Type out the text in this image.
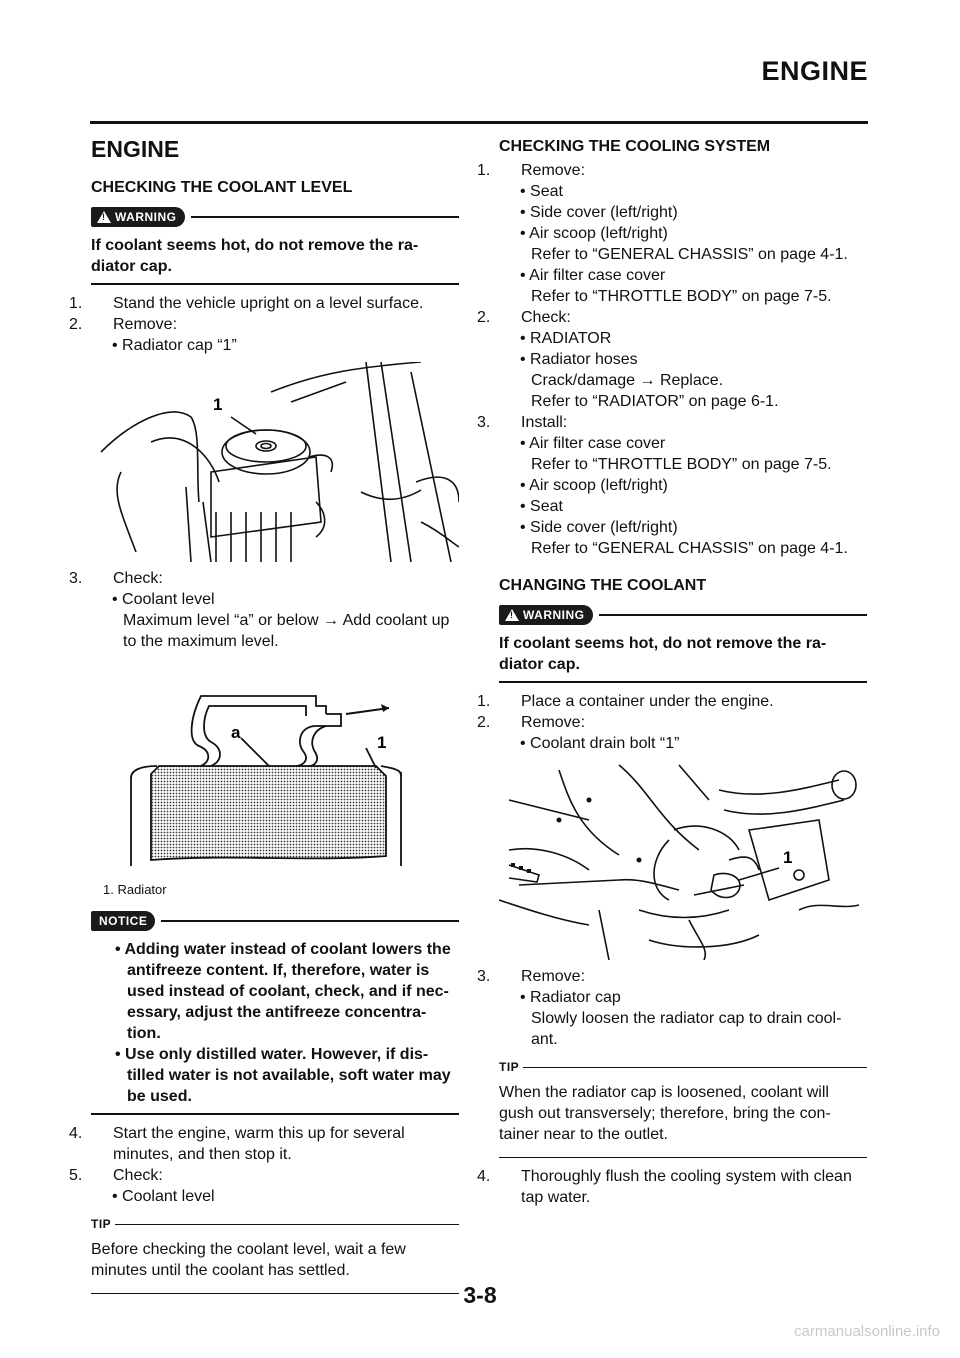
ENGINE
ENGINE
CHECKING THE COOLANT LEVEL
!
WARNING
If coolant seems hot, do not remove the ra-diator cap.
1. Stand the vehicle upright on a level surface.
2. Remove:
• Radiator cap “1”
1
3. Check:
• Coolant level
Maximum level “a” or below → Add coolant up to the maximum level.
a
1
1. Radiator
NOTICE
• Adding water instead of coolant lowers the antifreeze content. If, therefore, water is used instead of coolant, check, and if nec-essary, adjust the antifreeze concentra-tion.
• Use only distilled water. However, if dis-tilled water is not available, soft water may be used.
4. Start the engine, warm this up for several minutes, and then stop it.
5. Check:
• Coolant level
TIP
Before checking the coolant level, wait a few minutes until the coolant has settled.
CHECKING THE COOLING SYSTEM
1. Remove:
• Seat
• Side cover (left/right)
• Air scoop (left/right)
Refer to “GENERAL CHASSIS” on page 4-1.
• Air filter case cover
Refer to “THROTTLE BODY” on page 7-5.
2. Check:
• RADIATOR
• Radiator hoses
Crack/damage → Replace.
Refer to “RADIATOR” on page 6-1.
3. Install:
• Air filter case cover
Refer to “THROTTLE BODY” on page 7-5.
• Air scoop (left/right)
• Seat
• Side cover (left/right)
Refer to “GENERAL CHASSIS” on page 4-1.
CHANGING THE COOLANT
!
WARNING
If coolant seems hot, do not remove the ra-diator cap.
1. Place a container under the engine.
2. Remove:
• Coolant drain bolt “1”
1
3. Remove:
• Radiator cap
Slowly loosen the radiator cap to drain cool-ant.
TIP
When the radiator cap is loosened, coolant will gush out transversely; therefore, bring the con-tainer near to the outlet.
4. Thoroughly flush the cooling system with clean tap water.
3-8
carmanualsonline.info
